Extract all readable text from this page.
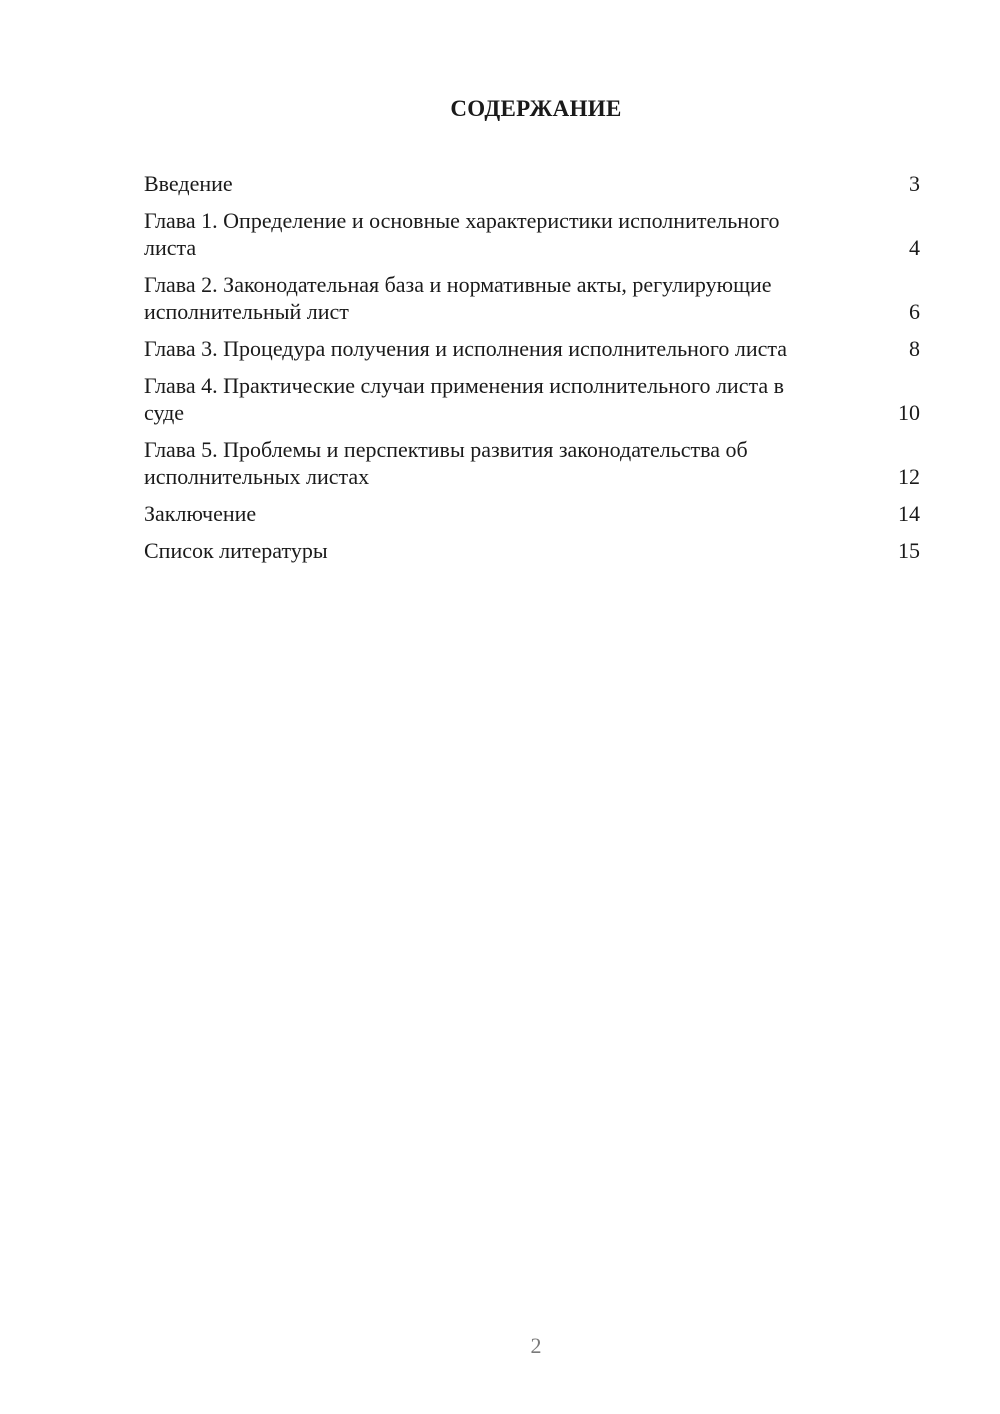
СОДЕРЖАНИЕ
Введение	3
Глава 1. Определение и основные характеристики исполнительного листа	4
Глава 2. Законодательная база и нормативные акты, регулирующие исполнительный лист	6
Глава 3. Процедура получения и исполнения исполнительного листа	8
Глава 4. Практические случаи применения исполнительного листа в суде	10
Глава 5. Проблемы и перспективы развития законодательства об исполнительных листах	12
Заключение	14
Список литературы	15
2
